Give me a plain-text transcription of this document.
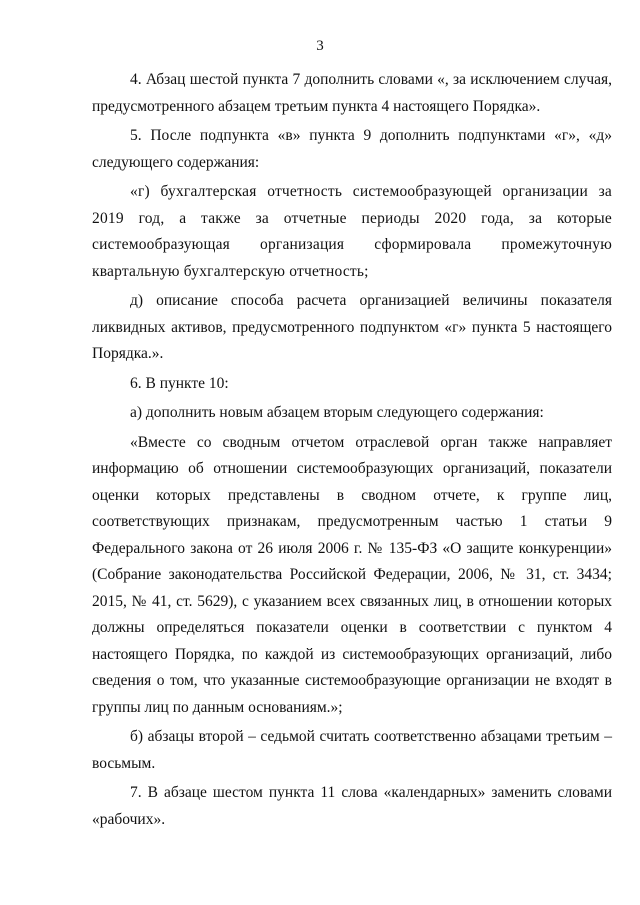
3

4. Абзац шестой пункта 7 дополнить словами «, за исключением случая, предусмотренного абзацем третьим пункта 4 настоящего Порядка».

5. После подпункта «в» пункта 9 дополнить подпунктами «г», «д» следующего содержания:

«г) бухгалтерская отчетность системообразующей организации за 2019 год, а также за отчетные периоды 2020 года, за которые системообразующая организация сформировала промежуточную квартальную бухгалтерскую отчетность;

д) описание способа расчета организацией величины показателя ликвидных активов, предусмотренного подпунктом «г» пункта 5 настоящего Порядка.».

6. В пункте 10:

а) дополнить новым абзацем вторым следующего содержания:

«Вместе со сводным отчетом отраслевой орган также направляет информацию об отношении системообразующих организаций, показатели оценки которых представлены в сводном отчете, к группе лиц, соответствующих признакам, предусмотренным частью 1 статьи 9 Федерального закона от 26 июля 2006 г. № 135-ФЗ «О защите конкуренции» (Собрание законодательства Российской Федерации, 2006, № 31, ст. 3434; 2015, № 41, ст. 5629), с указанием всех связанных лиц, в отношении которых должны определяться показатели оценки в соответствии с пунктом 4 настоящего Порядка, по каждой из системообразующих организаций, либо сведения о том, что указанные системообразующие организации не входят в группы лиц по данным основаниям.»;

б) абзацы второй – седьмой считать соответственно абзацами третьим – восьмым.

7. В абзаце шестом пункта 11 слова «календарных» заменить словами «рабочих».
